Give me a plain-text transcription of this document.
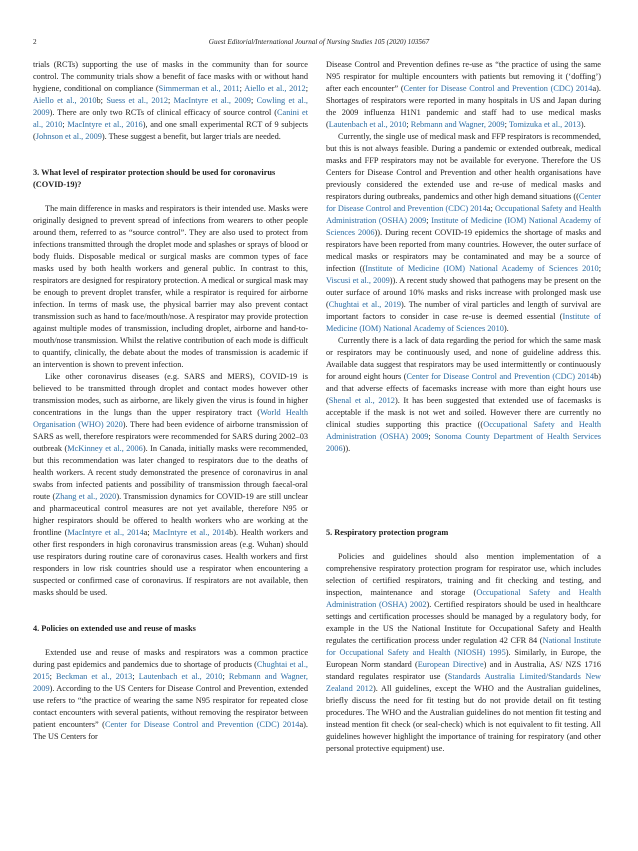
2	Guest Editorial/International Journal of Nursing Studies 105 (2020) 103567

trials (RCTs) supporting the use of masks in the community than for source control. The community trials show a benefit of face masks with or without hand hygiene, conditional on compliance (Simmerman et al., 2011; Aiello et al., 2012; Aiello et al., 2010b; Suess et al., 2012; MacIntyre et al., 2009; Cowling et al., 2009). There are only two RCTs of clinical efficacy of source control (Canini et al., 2010; MacIntyre et al., 2016), and one small experimental RCT of 9 subjects (Johnson et al., 2009). These suggest a benefit, but larger trials are needed.

3. What level of respirator protection should be used for coronavirus (COVID-19)?

The main difference in masks and respirators is their intended use. Masks were originally designed to prevent spread of infections from wearers to other people around them, referred to as “source control”. They are also used to protect from infections transmitted through the droplet mode and splashes or sprays of blood or body fluids. Disposable medical or surgical masks are common types of face masks used by both health workers and general public. In contrast to this, respirators are designed for respiratory protection. A medical or surgical mask may be enough to prevent droplet transfer, while a respirator is required for airborne infection. In terms of mask use, the physical barrier may also prevent contact transmission such as hand to face/mouth/nose. A respirator may provide protection against multiple modes of transmission, including droplet, airborne and hand-to-mouth/nose transmission. Whilst the relative contribution of each mode is difficult to quantify, clinically, the debate about the modes of transmission is academic if an intervention is shown to prevent infection.

Like other coronavirus diseases (e.g. SARS and MERS), COVID-19 is believed to be transmitted through droplet and contact modes however other transmission modes, such as airborne, are likely given the virus is found in higher concentrations in the lungs than the upper respiratory tract (World Health Organisation (WHO) 2020). There had been evidence of airborne transmission of SARS as well, therefore respirators were recommended for SARS during 2002–03 outbreak (McKinney et al., 2006). In Canada, initially masks were recommended, but this recommendation was later changed to respirators due to the deaths of health workers. A recent study demonstrated the presence of coronavirus in anal swabs from infected patients and possibility of transmission through faecal-oral route (Zhang et al., 2020). Transmission dynamics for COVID-19 are still unclear and pharmaceutical control measures are not yet available, therefore N95 or higher respirators should be offered to health workers who are working at the frontline (MacIntyre et al., 2014a; MacIntyre et al., 2014b). Health workers and other first responders in high coronavirus transmission areas (e.g. Wuhan) should use respirators during routine care of coronavirus cases. Health workers and first responders in low risk countries should use a respirator when encountering a suspected or confirmed case of coronavirus. If respirators are not available, then masks should be used.

4. Policies on extended use and reuse of masks

Extended use and reuse of masks and respirators was a common practice during past epidemics and pandemics due to shortage of products (Chughtai et al., 2015; Beckman et al., 2013; Lautenbach et al., 2010; Rebmann and Wagner, 2009). According to the US Centers for Disease Control and Prevention, extended use refers to “the practice of wearing the same N95 respirator for repeated close contact encounters with several patients, without removing the respirator between patient encounters” (Center for Disease Control and Prevention (CDC) 2014a). The US Centers for

Disease Control and Prevention defines re-use as “the practice of using the same N95 respirator for multiple encounters with patients but removing it (‘doffing’) after each encounter” (Center for Disease Control and Prevention (CDC) 2014a). Shortages of respirators were reported in many hospitals in US and Japan during the 2009 influenza H1N1 pandemic and staff had to use medical masks (Lautenbach et al., 2010; Rebmann and Wagner, 2009; Tomizuka et al., 2013).

Currently, the single use of medical mask and FFP respirators is recommended, but this is not always feasible. During a pandemic or extended outbreak, medical masks and FFP respirators may not be available for everyone. Therefore the US Centers for Disease Control and Prevention and other health organisations have previously considered the extended use and re-use of medical masks and respirators during outbreaks, pandemics and other high demand situations ((Center for Disease Control and Prevention (CDC) 2014a; Occupational Safety and Health Administration (OSHA) 2009; Institute of Medicine (IOM) National Academy of Sciences 2006)). During recent COVID-19 epidemics the shortage of masks and respirators have been reported from many countries. However, the outer surface of medical masks or respirators may be contaminated and may be a source of infection ((Institute of Medicine (IOM) National Academy of Sciences 2010; Viscusi et al., 2009)). A recent study showed that pathogens may be present on the outer surface of around 10% masks and risks increase with prolonged mask use (Chughtai et al., 2019). The number of viral particles and length of survival are important factors to consider in case re-use is deemed essential (Institute of Medicine (IOM) National Academy of Sciences 2010).

Currently there is a lack of data regarding the period for which the same mask or respirators may be continuously used, and none of guideline address this. Available data suggest that respirators may be used intermittently or continuously for around eight hours (Center for Disease Control and Prevention (CDC) 2014b) and that adverse effects of facemasks increase with more than eight hours use (Shenal et al., 2012). It has been suggested that extended use of facemasks is acceptable if the mask is not wet and soiled. However there are currently no clinical studies supporting this practice ((Occupational Safety and Health Administration (OSHA) 2009; Sonoma County Department of Health Services 2006)).

5. Respiratory protection program

Policies and guidelines should also mention implementation of a comprehensive respiratory protection program for respirator use, which includes selection of certified respirators, training and fit checking and testing, and inspection, maintenance and storage (Occupational Safety and Health Administration (OSHA) 2002). Certified respirators should be used in healthcare settings and certification processes should be managed by a regulatory body, for example in the US the National Institute for Occupational Safety and Health regulates the certification process under regulation 42 CFR 84 (National Institute for Occupational Safety and Health (NIOSH) 1995). Similarly, in Europe, the European Norm standard (European Directive) and in Australia, AS/ NZS 1716 standard regulates respirator use (Standards Australia Limited/Standards New Zealand 2012). All guidelines, except the WHO and the Australian guidelines, briefly discuss the need for fit testing but do not provide detail on fit testing procedures. The WHO and the Australian guidelines do not mention fit testing and instead mention fit check (or seal-check) which is not equivalent to fit testing. All guidelines however highlight the importance of training for respiratory (and other personal protective equipment) use.
